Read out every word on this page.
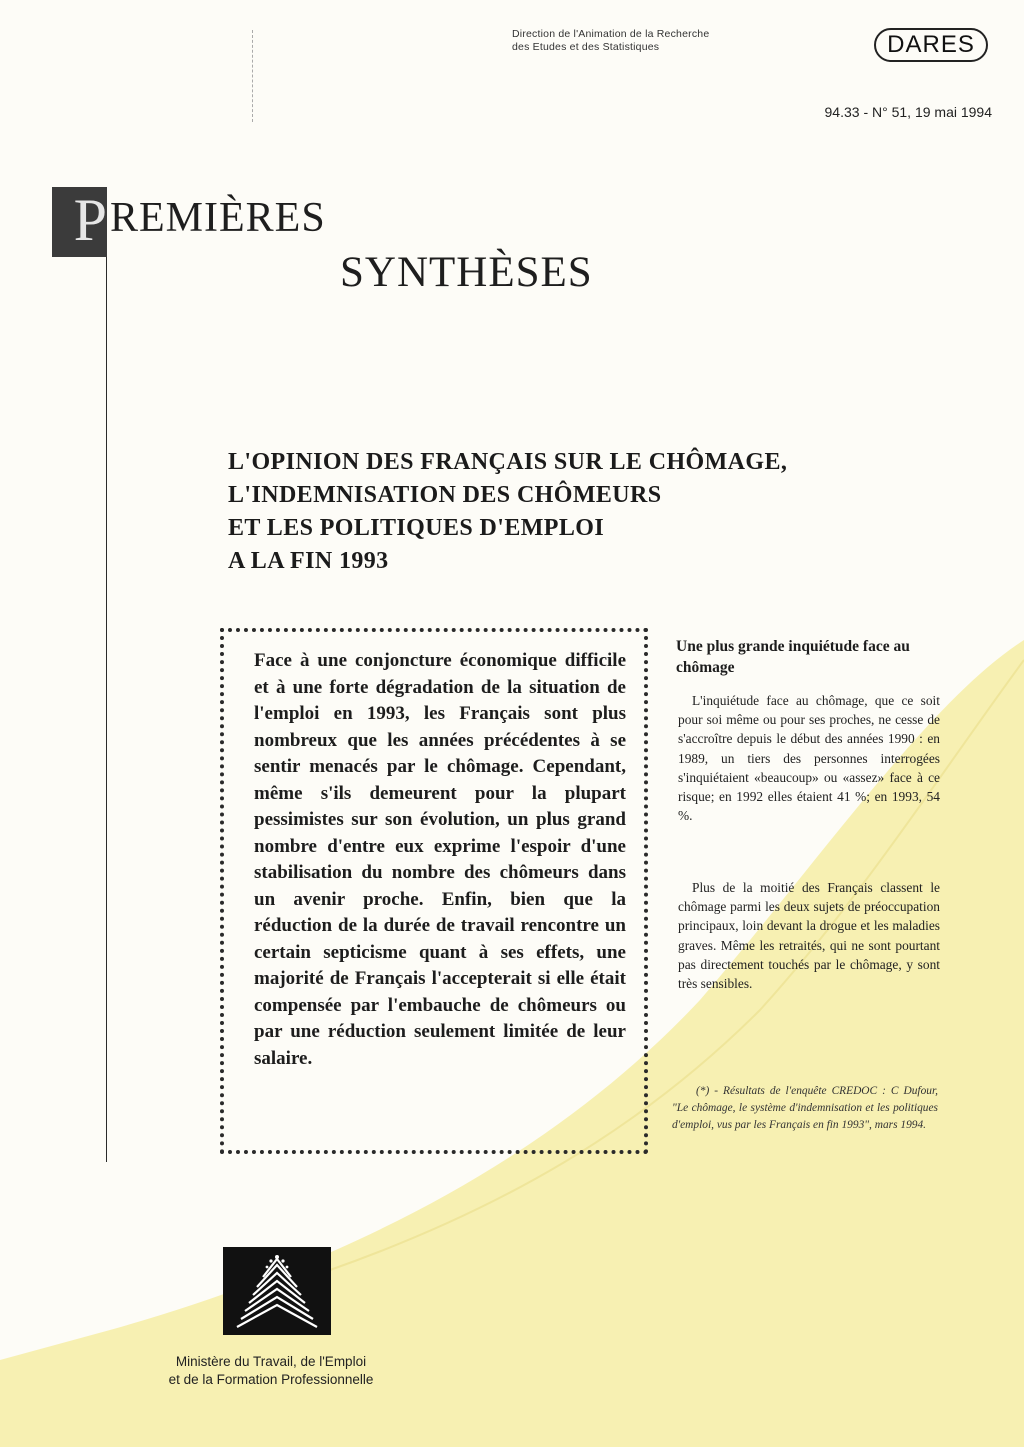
Direction de l'Animation de la Recherche
des Etudes et des Statistiques	DARES
94.33 - N° 51, 19 mai 1994
P REMIÈRES
SYNTHÈSES
L'OPINION DES FRANÇAIS SUR LE CHÔMAGE,
L'INDEMNISATION DES CHÔMEURS
ET LES POLITIQUES D'EMPLOI
A LA FIN 1993

Face à une conjoncture économique difficile et à une forte dégradation de la situation de l'emploi en 1993, les Français sont plus nombreux que les années précédentes à se sentir menacés par le chômage. Cependant, même s'ils demeurent pour la plupart pessimistes sur son évolution, un plus grand nombre d'entre eux exprime l'espoir d'une stabilisation du nombre des chômeurs dans un avenir proche. Enfin, bien que la réduction de la durée de travail rencontre un certain septicisme quant à ses effets, une majorité de Français l'accepterait si elle était compensée par l'embauche de chômeurs ou par une réduction seulement limitée de leur salaire.

Une plus grande inquiétude face au chômage

L'inquiétude face au chômage, que ce soit pour soi même ou pour ses proches, ne cesse de s'accroître depuis le début des années 1990 : en 1989, un tiers des personnes interrogées s'inquiétaient «beaucoup» ou «assez» face à ce risque; en 1992 elles étaient 41 %; en 1993, 54 %.

Plus de la moitié des Français classent le chômage parmi les deux sujets de préoccupation principaux, loin devant la drogue et les maladies graves. Même les retraités, qui ne sont pourtant pas directement touchés par le chômage, y sont très sensibles.

(*) - Résultats de l'enquête CREDOC : C Dufour, "Le chômage, le système d'indemnisation et les politiques d'emploi, vus par les Français en fin 1993", mars 1994.
Ministère du Travail, de l'Emploi
et de la Formation Professionnelle
